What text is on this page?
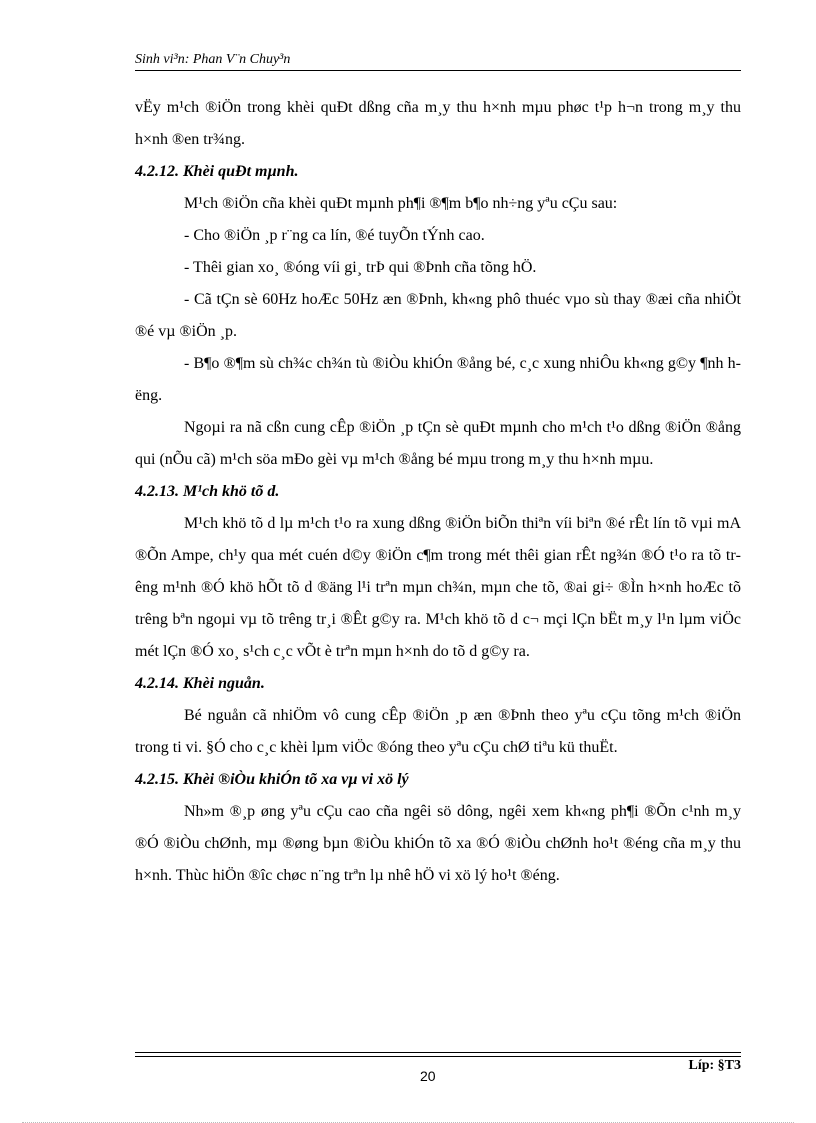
Sinh vi³n: Phan V¨n Chuy³n

vËy m¹ch ®iÖn trong khèi quÐt dßng cña m¸y thu h×nh mµu phøc t¹p h¬n trong m¸y thu h×nh ®en tr¾ng.

4.2.12. Khèi quÐt mµnh.

M¹ch ®iÖn cña khèi quÐt mµnh ph¶i ®¶m b¶o nh÷ng yªu cÇu sau:

- Cho ®iÖn ¸p r¨ng ca lín, ®é tuyÕn tÝnh cao.

- Thêi gian xo¸ ®óng víi gi¸ trÞ qui ®Þnh cña tõng hÖ.

- Cã tÇn sè 60Hz hoÆc 50Hz æn ®Þnh, kh«ng phô thuéc vµo sù thay ®æi cña nhiÖt ®é vµ ®iÖn ¸p.

- B¶o ®¶m sù ch¾c ch¾n tù ®iÒu khiÓn ®ång bé, c¸c xung nhiÔu kh«ng g©y ¶nh hëng.

Ngoµi ra nã cßn cung cÊp ®iÖn ¸p tÇn sè quÐt mµnh cho m¹ch t¹o dßng ®iÖn ®ång qui (nÕu cã) m¹ch söa mÐo gèi vµ m¹ch ®ång bé mµu trong m¸y thu h×nh mµu.

4.2.13. M¹ch khö tõ d.

M¹ch khö tõ d lµ m¹ch t¹o ra xung dßng ®iÖn biÕn thiªn víi biªn ®é rÊt lín tõ vµi mA ®Õn Ampe, ch¹y qua mét cuén d©y ®iÖn c¶m trong mét thêi gian rÊt ng¾n ®Ó t¹o ra tõ trêng m¹nh ®Ó khö hÕt tõ d ®äng l¹i trªn mµn ch¾n, mµn che tõ, ®ai gi÷ ®Ìn h×nh hoÆc tõ trêng bªn ngoµi vµ tõ trêng tr¸i ®Êt g©y ra. M¹ch khö tõ d c¬ mçi lÇn bËt m¸y l¹n lµm viÖc mét lÇn ®Ó xo¸ s¹ch c¸c vÕt è trªn mµn h×nh do tõ d g©y ra.

4.2.14. Khèi nguån.

Bé nguån cã nhiÖm vô cung cÊp ®iÖn ¸p æn ®Þnh theo yªu cÇu tõng m¹ch ®iÖn trong ti vi. §Ó cho c¸c khèi lµm viÖc ®óng theo yªu cÇu chØ tiªu kü thuËt.

4.2.15. Khèi ®iÒu khiÓn tõ xa vµ vi xö lý

Nh»m ®¸p øng yªu cÇu cao cña ngêi sö dông, ngêi xem kh«ng ph¶i ®Õn c¹nh m¸y ®Ó ®iÒu chØnh, mµ ®øng bµn ®iÒu khiÓn tõ xa ®Ó ®iÒu chØnh ho¹t ®éng cña m¸y thu h×nh. Thùc hiÖn ®îc chøc n¨ng trªn lµ nhê hÖ vi xö lý ho¹t ®éng.

Líp: §T3
20
